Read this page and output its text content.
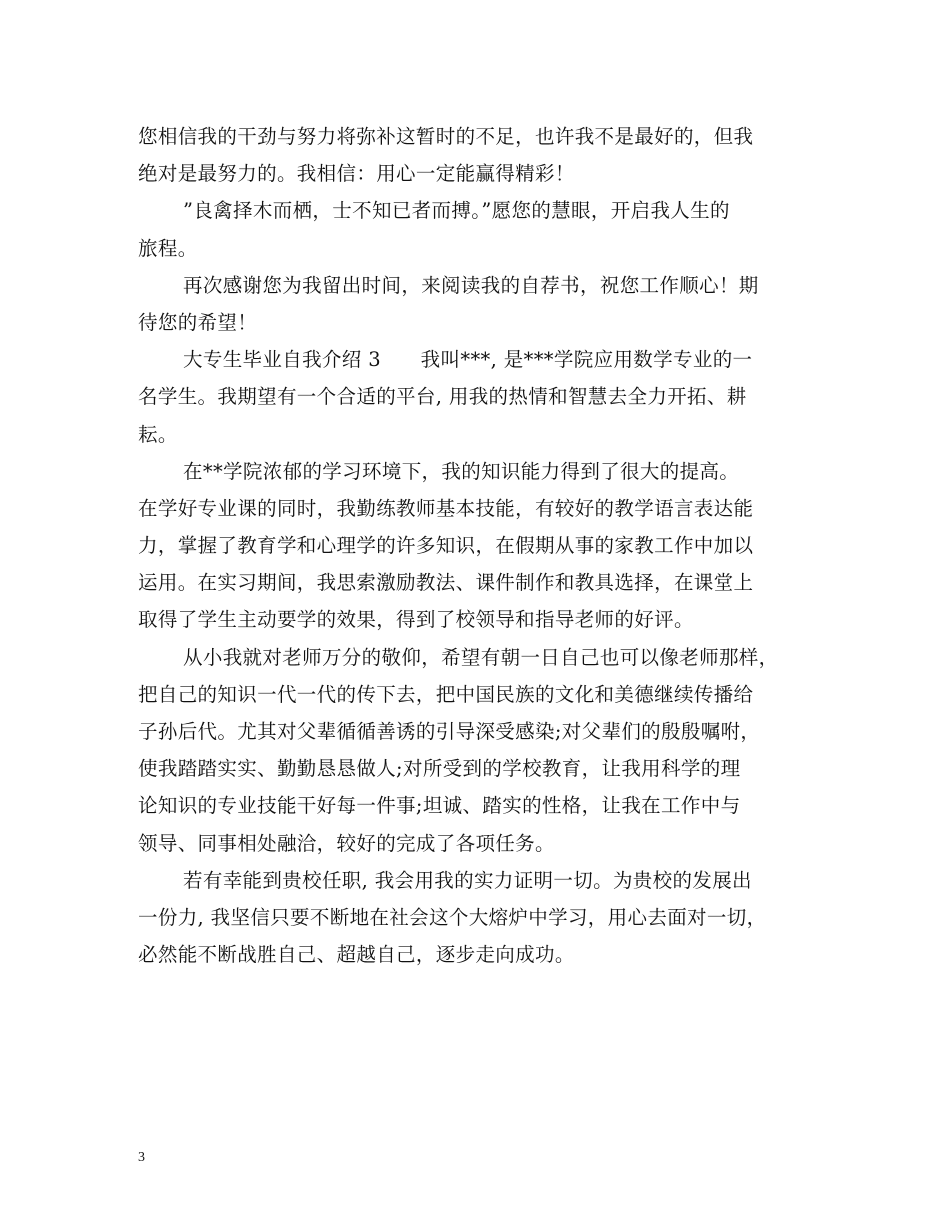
您相信我的干劲与努力将弥补这暂时的不足，也许我不是最好的，但我
绝对是最努力的。我相信：用心一定能赢得精彩！
”良禽择木而栖，士不知已者而搏。”愿您的慧眼，开启我人生的
旅程。
再次感谢您为我留出时间，来阅读我的自荐书，祝您工作顺心！期
待您的希望！
大专生毕业自我介绍 3　　我叫***, 是***学院应用数学专业的一
名学生。我期望有一个合适的平台, 用我的热情和智慧去全力开拓、耕
耘。
在**学院浓郁的学习环境下，我的知识能力得到了很大的提高。
在学好专业课的同时，我勤练教师基本技能，有较好的教学语言表达能
力，掌握了教育学和心理学的许多知识，在假期从事的家教工作中加以
运用。在实习期间，我思索激励教法、课件制作和教具选择，在课堂上
取得了学生主动要学的效果，得到了校领导和指导老师的好评。
从小我就对老师万分的敬仰，希望有朝一日自己也可以像老师那样，
把自己的知识一代一代的传下去，把中国民族的文化和美德继续传播给
子孙后代。尤其对父辈循循善诱的引导深受感染;对父辈们的殷殷嘱咐，
使我踏踏实实、勤勤恳恳做人;对所受到的学校教育，让我用科学的理
论知识的专业技能干好每一件事;坦诚、踏实的性格，让我在工作中与
领导、同事相处融洽，较好的完成了各项任务。
若有幸能到贵校任职, 我会用我的实力证明一切。为贵校的发展出
一份力, 我坚信只要不断地在社会这个大熔炉中学习，用心去面对一切，
必然能不断战胜自己、超越自己，逐步走向成功。
3
